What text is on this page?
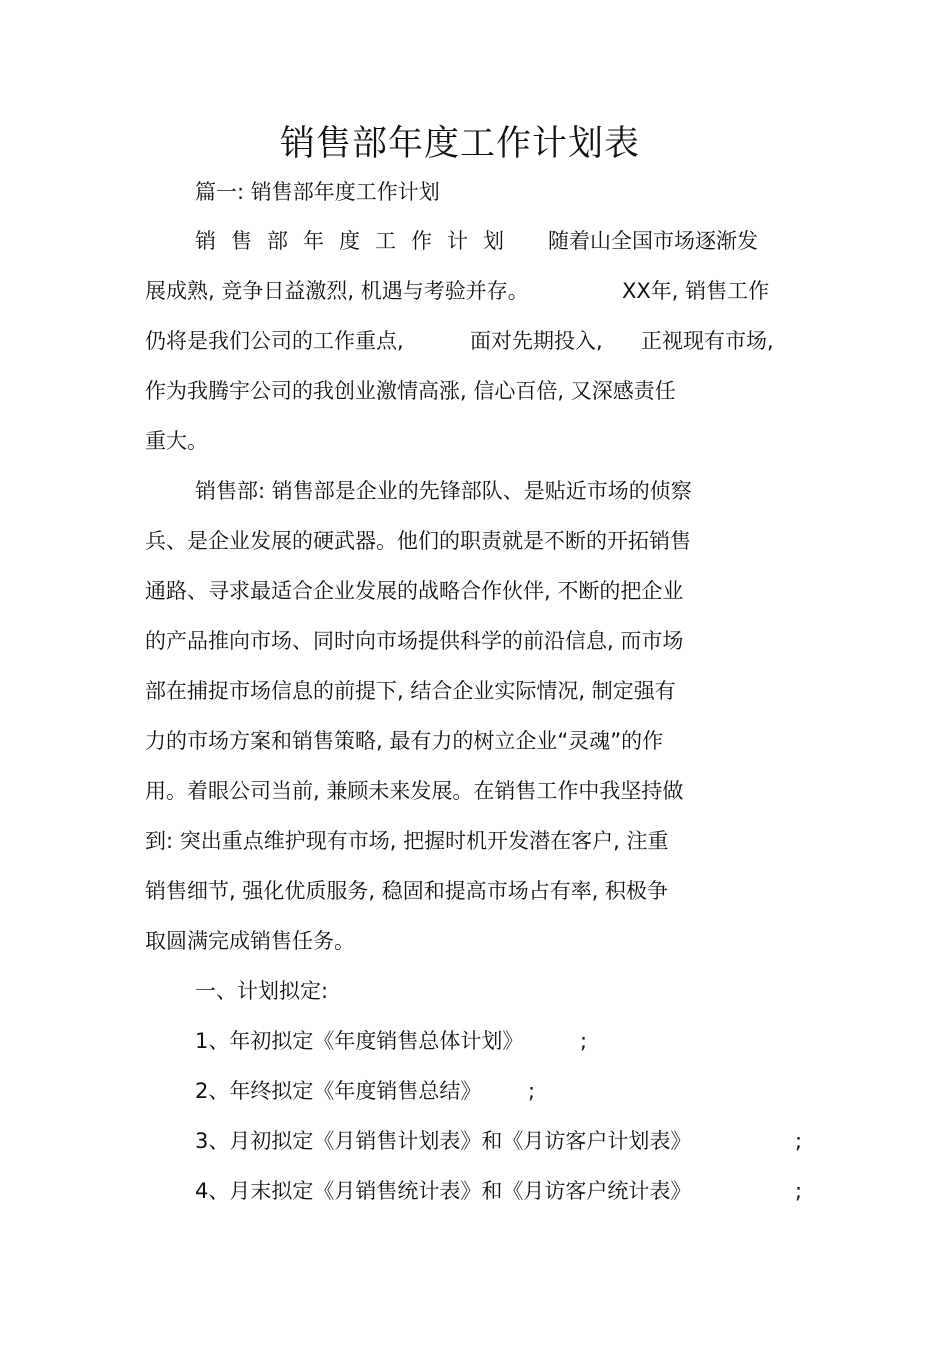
销售部年度工作计划表
篇一: 销售部年度工作计划
销售部年度工作计划 随着山全国市场逐渐发
展成熟, 竞争日益激烈, 机遇与考验并存。	XX年, 销售工作
仍将是我们公司的工作重点,	面对先期投入, 正视现有市场,
作为我腾宇公司的我创业激情高涨, 信心百倍, 又深感责任
重大。
销售部: 销售部是企业的先锋部队、是贴近市场的侦察
兵、是企业发展的硬武器。他们的职责就是不断的开拓销售
通路、寻求最适合企业发展的战略合作伙伴, 不断的把企业
的产品推向市场、同时向市场提供科学的前沿信息, 而市场
部在捕捉市场信息的前提下, 结合企业实际情况, 制定强有
力的市场方案和销售策略, 最有力的树立企业“灵魂”的作
用。着眼公司当前, 兼顾未来发展。在销售工作中我坚持做
到: 突出重点维护现有市场, 把握时机开发潜在客户, 注重
销售细节, 强化优质服务, 稳固和提高市场占有率, 积极争
取圆满完成销售任务。
一、计划拟定:
1、年初拟定《年度销售总体计划》	;
2、年终拟定《年度销售总结》 ;
3、月初拟定《月销售计划表》和《月访客户计划表》	;
4、月末拟定《月销售统计表》和《月访客户统计表》	;
